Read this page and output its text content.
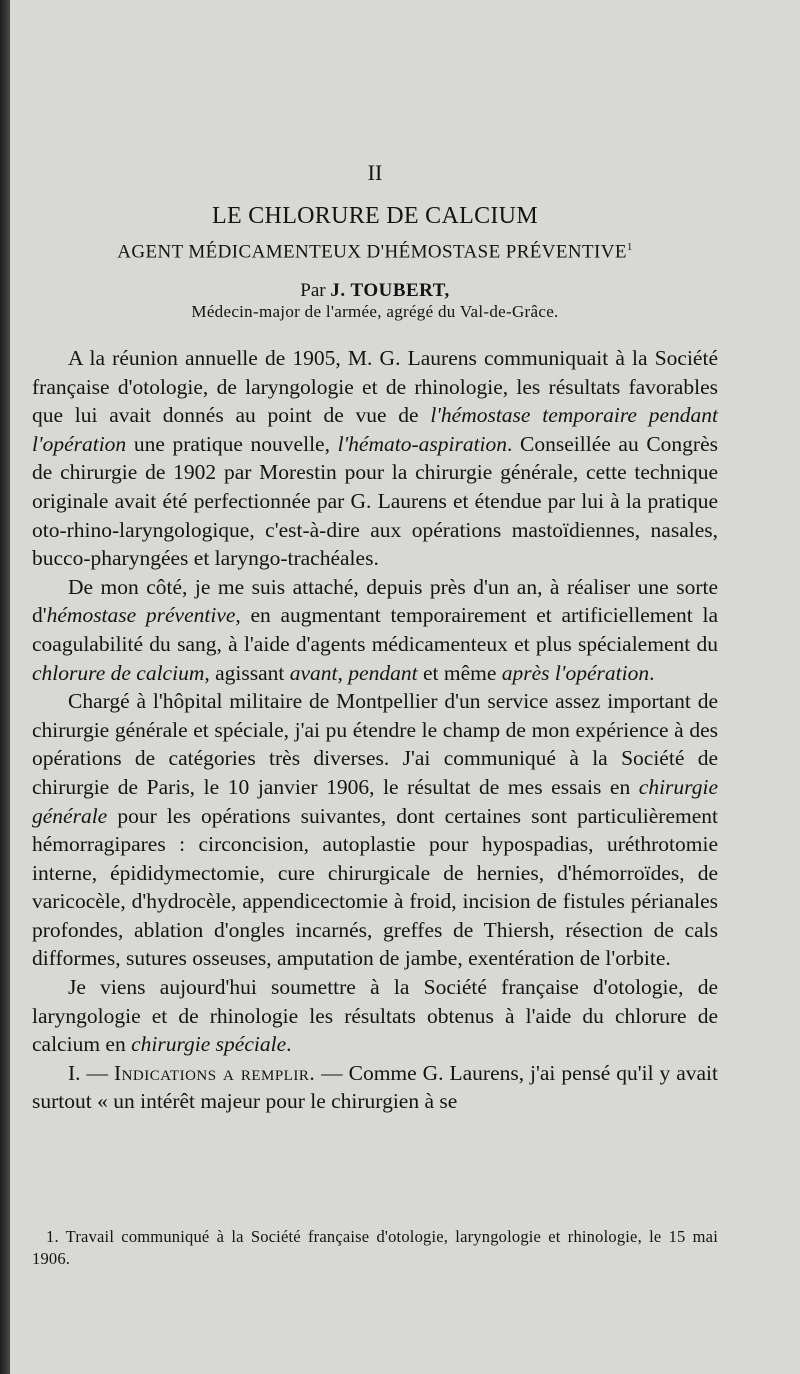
II
LE CHLORURE DE CALCIUM
AGENT MÉDICAMENTEUX D'HÉMOSTASE PRÉVENTIVE$^1$
Par J. TOUBERT,
Médecin-major de l'armée, agrégé du Val-de-Grâce.

A la réunion annuelle de 1905, M. G. Laurens communiquait à la Société française d'otologie, de laryngologie et de rhinologie, les résultats favorables que lui avait donnés au point de vue de l'hémostase temporaire pendant l'opération une pratique nouvelle, l'hémato-aspiration. Conseillée au Congrès de chirurgie de 1902 par Morestin pour la chirurgie générale, cette technique originale avait été perfectionnée par G. Laurens et étendue par lui à la pratique oto-rhino-laryngologique, c'est-à-dire aux opérations mastoïdiennes, nasales, bucco-pharyngées et laryngo-trachéales.

De mon côté, je me suis attaché, depuis près d'un an, à réaliser une sorte d'hémostase préventive, en augmentant temporairement et artificiellement la coagulabilité du sang, à l'aide d'agents médicamenteux et plus spécialement du chlorure de calcium, agissant avant, pendant et même après l'opération.

Chargé à l'hôpital militaire de Montpellier d'un service assez important de chirurgie générale et spéciale, j'ai pu étendre le champ de mon expérience à des opérations de catégories très diverses. J'ai communiqué à la Société de chirurgie de Paris, le 10 janvier 1906, le résultat de mes essais en chirurgie générale pour les opérations suivantes, dont certaines sont particulièrement hémorragipares : circoncision, autoplastie pour hypospadias, uréthrotomie interne, épididymectomie, cure chirurgicale de hernies, d'hémorroïdes, de varicocèle, d'hydrocèle, appendicectomie à froid, incision de fistules périanales profondes, ablation d'ongles incarnés, greffes de Thiersh, résection de cals difformes, sutures osseuses, amputation de jambe, exentération de l'orbite.

Je viens aujourd'hui soumettre à la Société française d'otologie, de laryngologie et de rhinologie les résultats obtenus à l'aide du chlorure de calcium en chirurgie spéciale.

I. — Indications a remplir. — Comme G. Laurens, j'ai pensé qu'il y avait surtout « un intérêt majeur pour le chirurgien à se

1. Travail communiqué à la Société française d'otologie, laryngologie et rhinologie, le 15 mai 1906.
